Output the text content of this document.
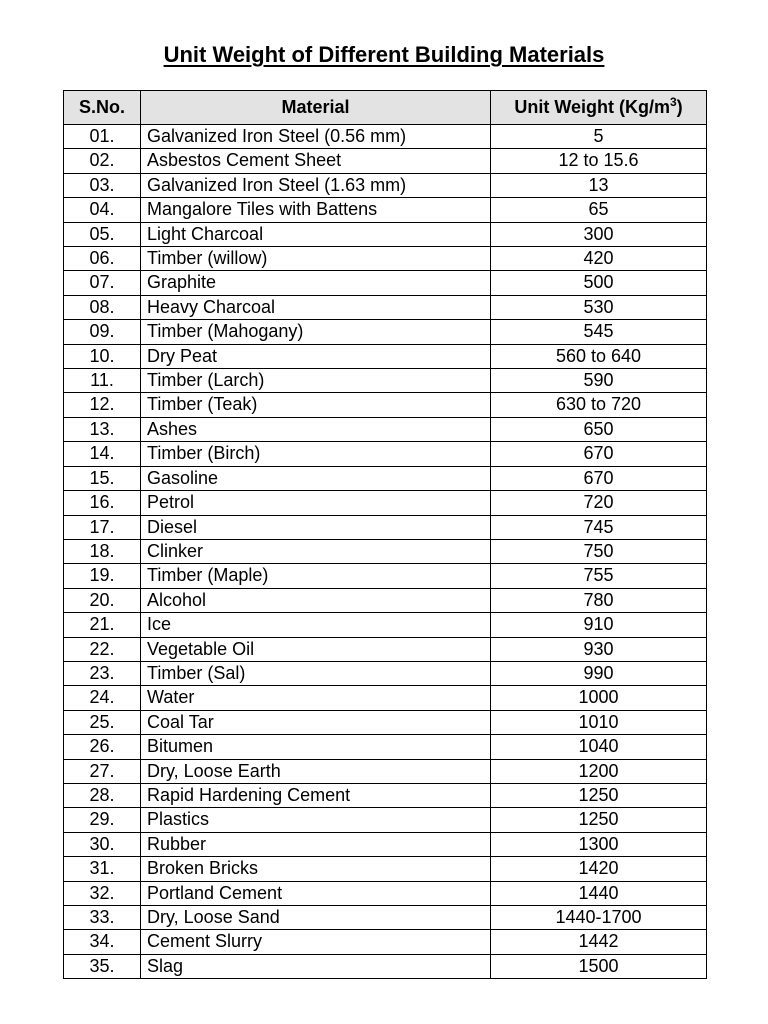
Unit Weight of Different Building Materials
S.No.	Material	Unit Weight $(Kg/m^3)$
01.	Galvanized Iron Steel (0.56 mm)	5
02.	Asbestos Cement Sheet	12 to 15.6
03.	Galvanized Iron Steel (1.63 mm)	13
04.	Mangalore Tiles with Battens	65
05.	Light Charcoal	300
06.	Timber (willow)	420
07.	Graphite	500
08.	Heavy Charcoal	530
09.	Timber (Mahogany)	545
10.	Dry Peat	560 to 640
11.	Timber (Larch)	590
12.	Timber (Teak)	630 to 720
13.	Ashes	650
14.	Timber (Birch)	670
15.	Gasoline	670
16.	Petrol	720
17.	Diesel	745
18.	Clinker	750
19.	Timber (Maple)	755
20.	Alcohol	780
21.	Ice	910
22.	Vegetable Oil	930
23.	Timber (Sal)	990
24.	Water	1000
25.	Coal Tar	1010
26.	Bitumen	1040
27.	Dry, Loose Earth	1200
28.	Rapid Hardening Cement	1250
29.	Plastics	1250
30.	Rubber	1300
31.	Broken Bricks	1420
32.	Portland Cement	1440
33.	Dry, Loose Sand	1440-1700
34.	Cement Slurry	1442
35.	Slag	1500
